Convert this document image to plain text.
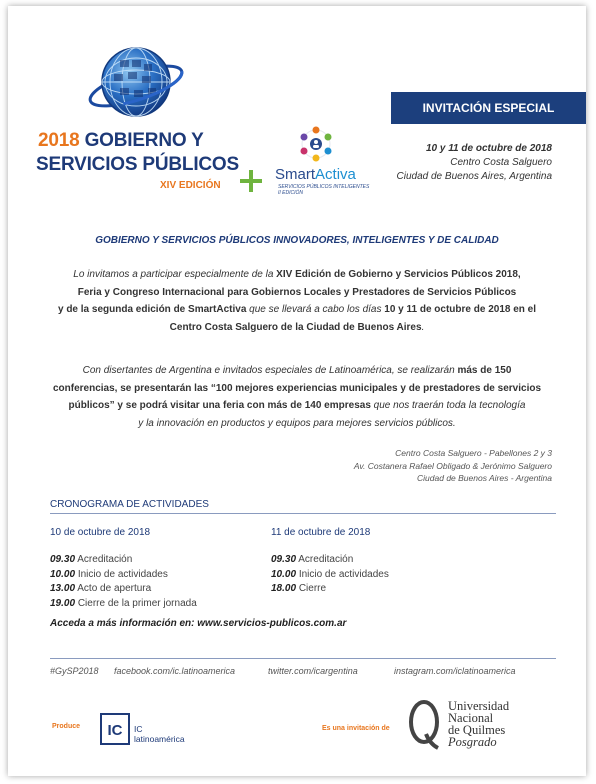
2018 GOBIERNO Y
SERVICIOS PÚBLICOS
XIV EDICIÓN
SmartActiva
SERVICIOS PÚBLICOS INTELIGENTES
II EDICIÓN
INVITACIÓN ESPECIAL
10 y 11 de octubre de 2018
Centro Costa Salguero
Ciudad de Buenos Aires, Argentina
GOBIERNO Y SERVICIOS PÚBLICOS INNOVADORES, INTELIGENTES Y DE CALIDAD
Lo invitamos a participar especialmente de la XIV Edición de Gobierno y Servicios Públicos 2018,
Feria y Congreso Internacional para Gobiernos Locales y Prestadores de Servicios Públicos
y de la segunda edición de SmartActiva que se llevará a cabo los días 10 y 11 de octubre de 2018 en el
Centro Costa Salguero de la Ciudad de Buenos Aires.
Con disertantes de Argentina e invitados especiales de Latinoamérica, se realizarán más de 150
conferencias, se presentarán las “100 mejores experiencias municipales y de prestadores de servicios
públicos” y se podrá visitar una feria con más de 140 empresas que nos traerán toda la tecnología
y la innovación en productos y equipos para mejores servicios públicos.
Centro Costa Salguero - Pabellones 2 y 3
Av. Costanera Rafael Obligado & Jerónimo Salguero
Ciudad de Buenos Aires - Argentina
CRONOGRAMA DE ACTIVIDADES
10 de octubre de 2018
09.30 Acreditación
10.00 Inicio de actividades
13.00 Acto de apertura
19.00 Cierre de la primer jornada
11 de octubre de 2018
09.30 Acreditación
10.00 Inicio de actividades
18.00 Cierre
Acceda a más información en: www.servicios-publicos.com.ar
#GySP2018 facebook.com/ic.latinoamerica	twitter.com/icargentina	instagram.com/iclatinoamerica
Produce IC IC
latinoamérica
Es una invitación de
Universidad
Nacional
de Quilmes
Posgrado
